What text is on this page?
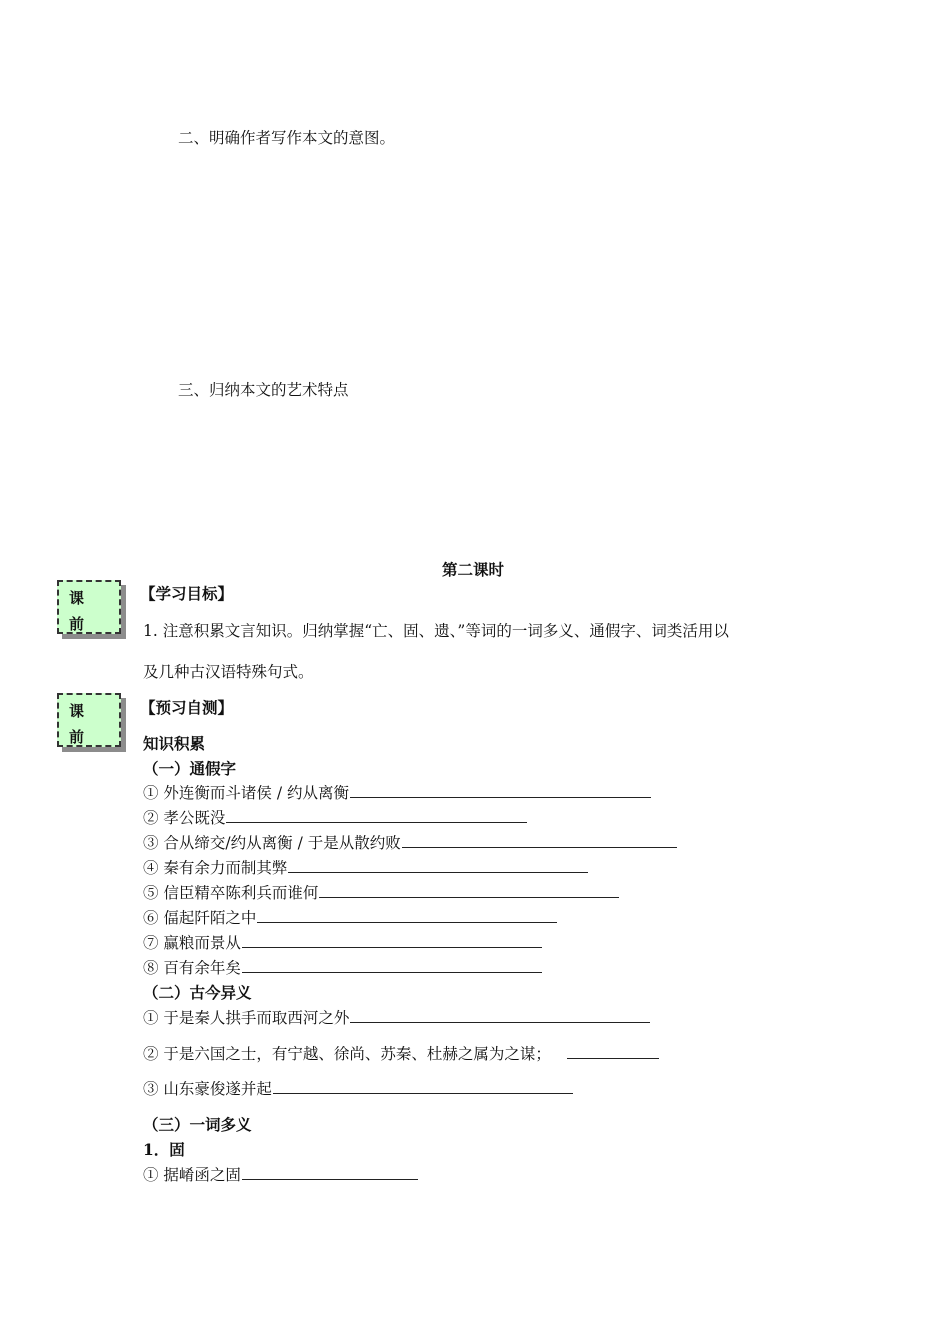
二、明确作者写作本文的意图。
三、归纳本文的艺术特点
第二课时
课
前
【学习目标】
1. 注意积累文言知识。归纳掌握“亡、固、遗、”等词的一词多义、通假字、词类活用以
及几种古汉语特殊句式。
课
前
【预习自测】
知识积累
（一）通假字
① 外连衡而斗诸侯 / 约从离衡
② 孝公既没
③ 合从缔交/约从离衡 / 于是从散约败
④ 秦有余力而制其弊
⑤ 信臣精卒陈利兵而谁何
⑥ 偪起阡陌之中
⑦ 赢粮而景从
⑧ 百有余年矣
（二）古今异义
① 于是秦人拱手而取西河之外
② 于是六国之士，有宁越、徐尚、苏秦、杜赫之属为之谋；
③ 山东豪俊遂并起
（三）一词多义
1．固
① 据崤函之固
